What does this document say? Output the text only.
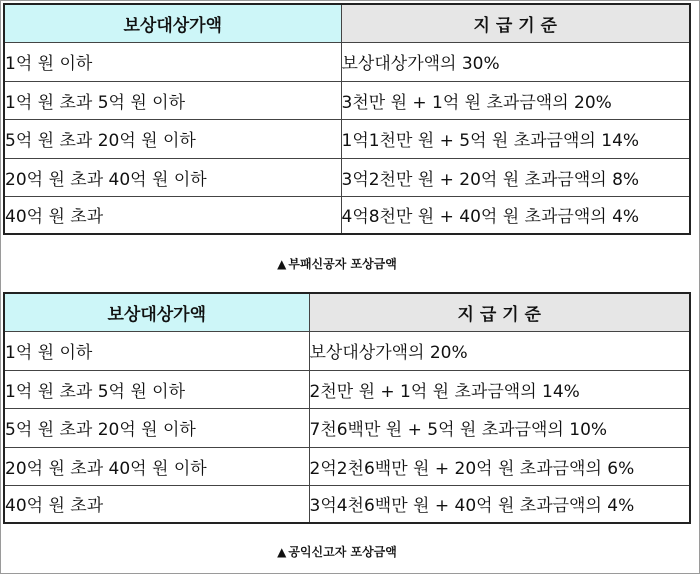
보상대상가액	지 급 기 준
1억 원 이하	보상대상가액의 30%
1억 원 초과 5억 원 이하	3천만 원 + 1억 원 초과금액의 20%
5억 원 초과 20억 원 이하	1억1천만 원 + 5억 원 초과금액의 14%
20억 원 초과 40억 원 이하	3억2천만 원 + 20억 원 초과금액의 8%
40억 원 초과	4억8천만 원 + 40억 원 초과금액의 4%
▲ 부패신공자 포상금액
보상대상가액	지 급 기 준
1억 원 이하	보상대상가액의 20%
1억 원 초과 5억 원 이하	2천만 원 + 1억 원 초과금액의 14%
5억 원 초과 20억 원 이하	7천6백만 원 + 5억 원 초과금액의 10%
20억 원 초과 40억 원 이하	2억2천6백만 원 + 20억 원 초과금액의 6%
40억 원 초과	3억4천6백만 원 + 40억 원 초과금액의 4%
▲ 공익신고자 포상금액
